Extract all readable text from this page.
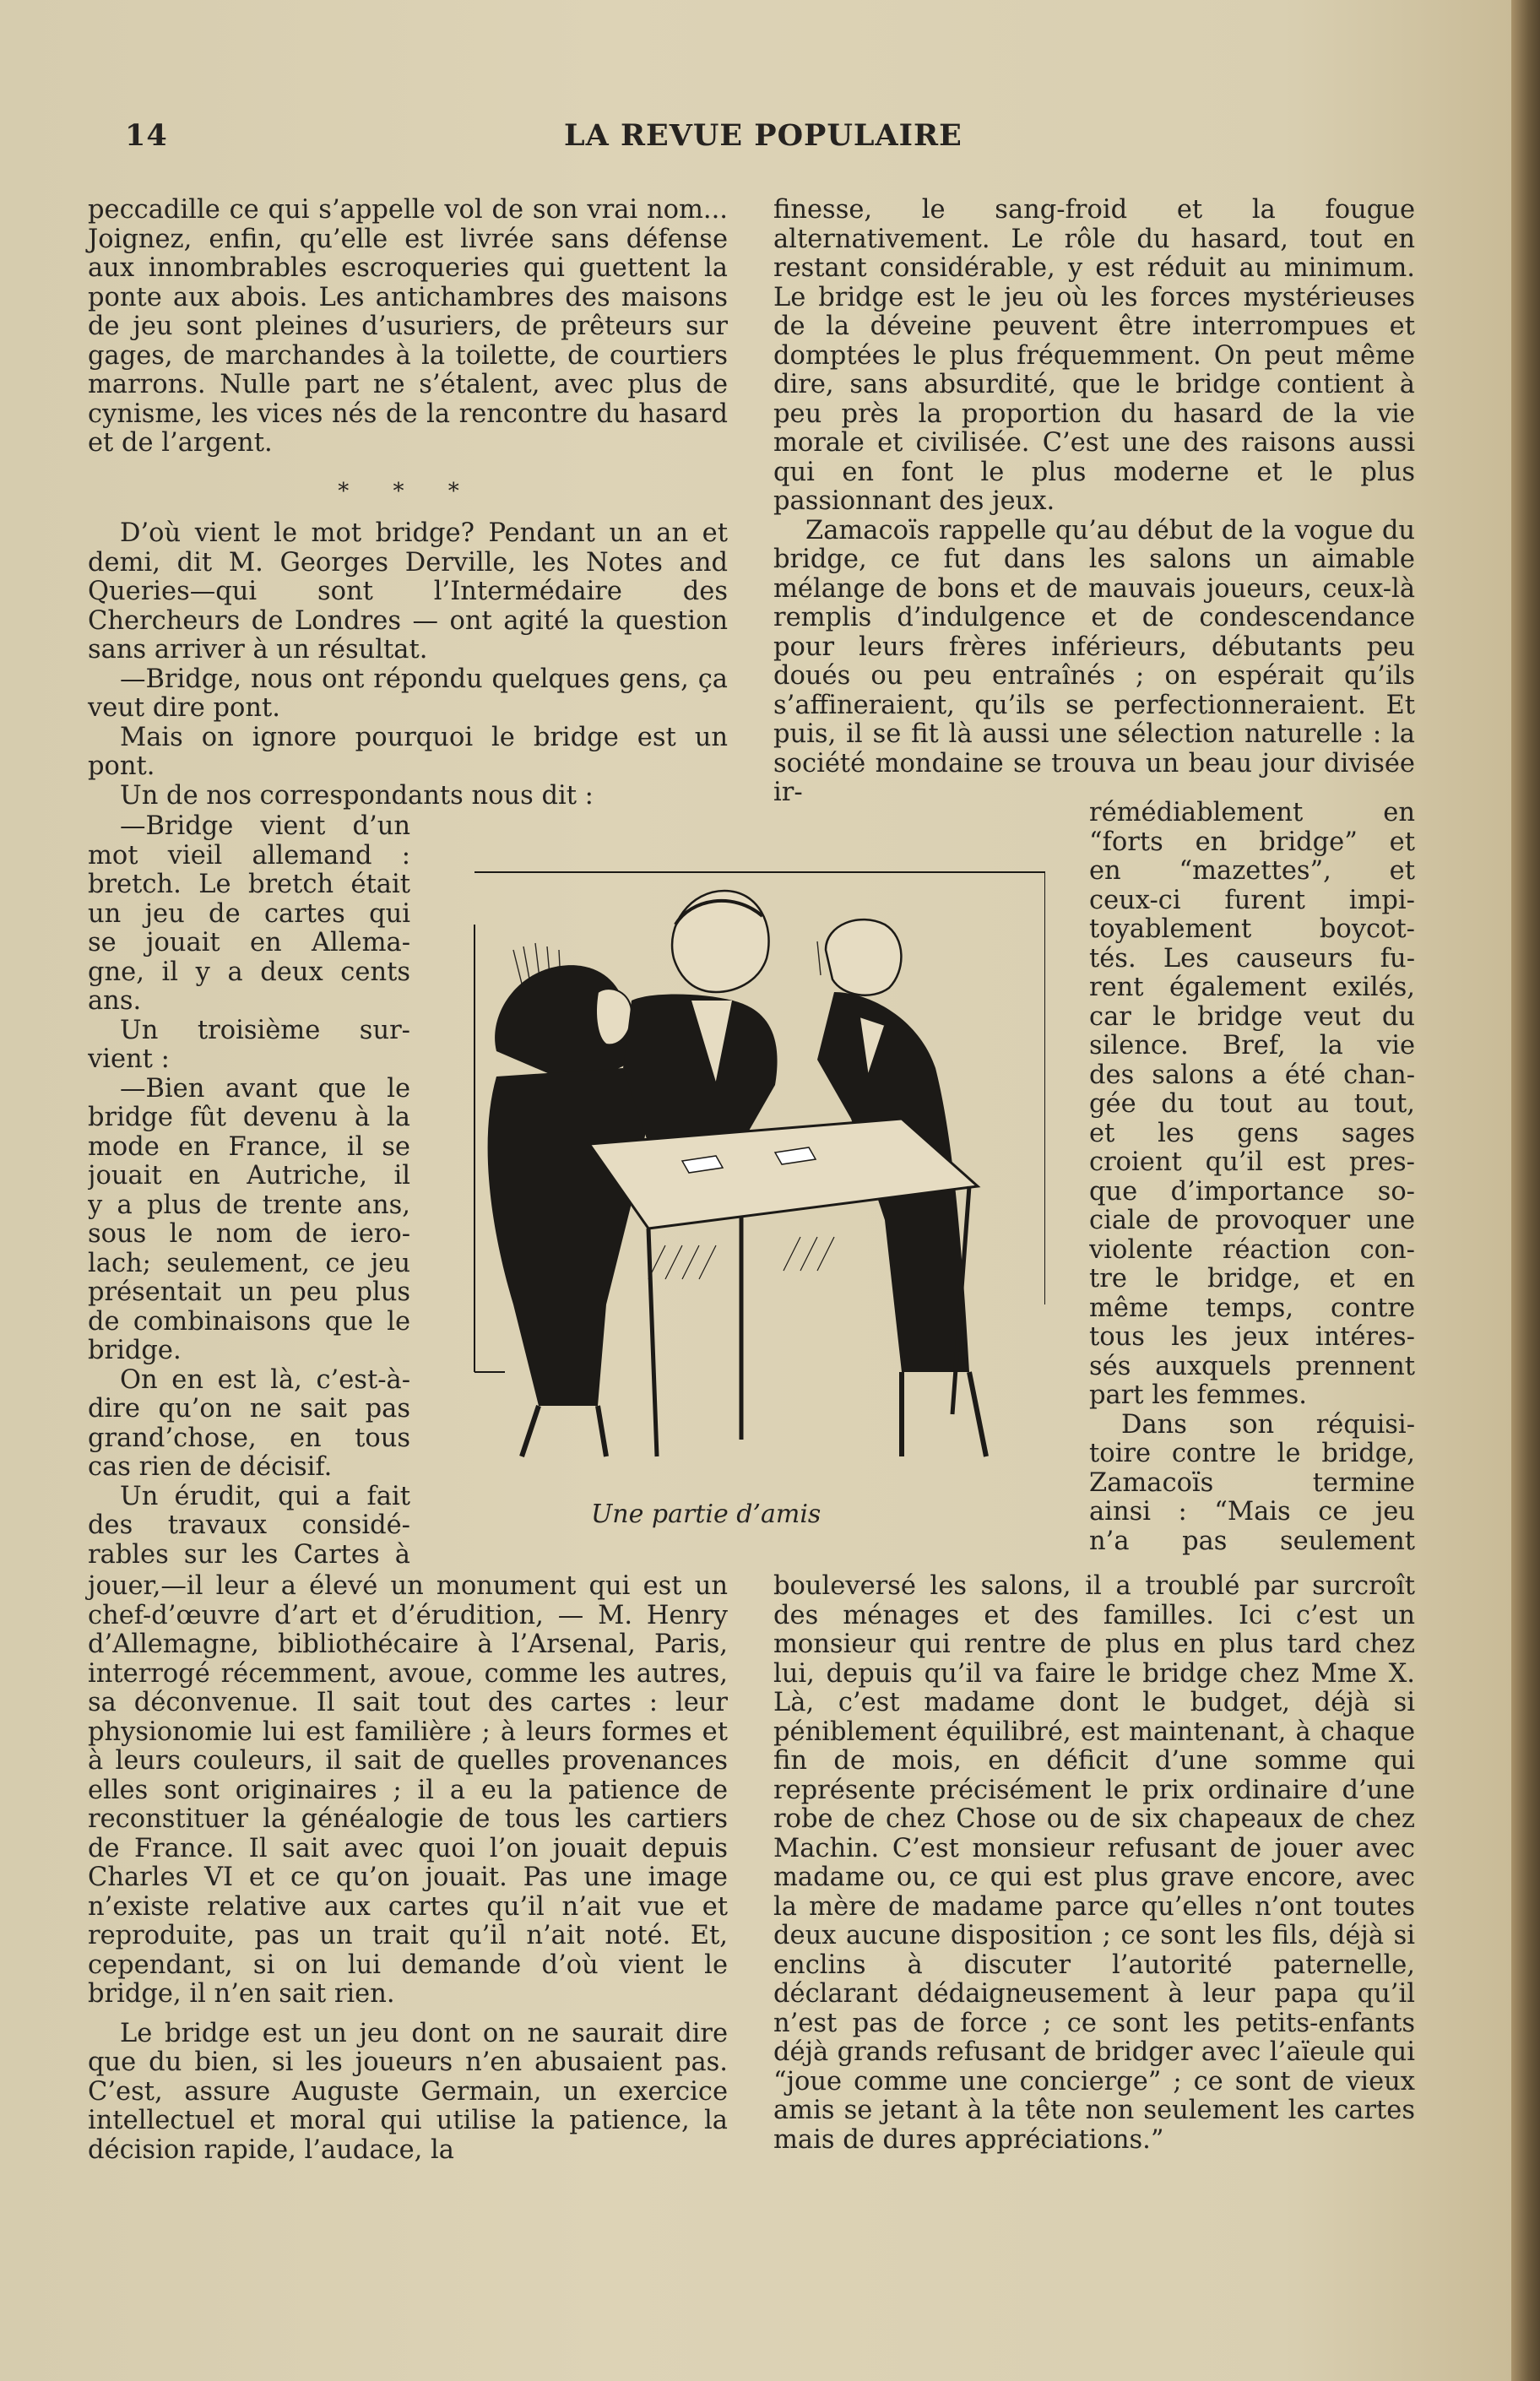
14	LA REVUE POPULAIRE

peccadille ce qui s’appelle vol de son vrai nom... Joignez, enfin, qu’elle est livrée sans défense aux innombrables escroqueries qui guettent la ponte aux abois. Les antichambres des maisons de jeu sont pleines d’usuriers, de prêteurs sur gages, de marchandes à la toilette, de courtiers marrons. Nulle part ne s’étalent, avec plus de cynisme, les vices nés de la rencontre du hasard et de l’argent.

* * *

D’où vient le mot bridge? Pendant un an et demi, dit M. Georges Derville, les Notes and Queries—qui sont l’Intermédaire des Chercheurs de Londres — ont agité la question sans arriver à un résultat.

—Bridge, nous ont répondu quelques gens, ça veut dire pont.

Mais on ignore pourquoi le bridge est un pont.

Un de nos correspondants nous dit :

—Bridge vient d’un
mot vieil allemand :
bretch. Le bretch était
un jeu de cartes qui
se jouait en Allema-
gne, il y a deux cents
ans.
Un troisième sur-
vient :
—Bien avant que le
bridge fût devenu à la
mode en France, il se
jouait en Autriche, il
y a plus de trente ans,
sous le nom de iero-
lach; seulement, ce jeu
présentait un peu plus
de combinaisons que le
bridge.
On en est là, c’est-à-
dire qu’on ne sait pas
grand’chose, en tous
cas rien de décisif.
Un érudit, qui a fait
des travaux considé-
rables sur les Cartes à

jouer,—il leur a élevé un monument qui est un chef-d’œuvre d’art et d’érudition, — M. Henry d’Allemagne, bibliothécaire à l’Arsenal, Paris, interrogé récemment, avoue, comme les autres, sa déconvenue. Il sait tout des cartes : leur physionomie lui est familière ; à leurs formes et à leurs couleurs, il sait de quelles provenances elles sont originaires ; il a eu la patience de reconstituer la généalogie de tous les cartiers de France. Il sait avec quoi l’on jouait depuis Charles VI et ce qu’on jouait. Pas une image n’existe relative aux cartes qu’il n’ait vue et reproduite, pas un trait qu’il n’ait noté. Et, cependant, si on lui demande d’où vient le bridge, il n’en sait rien.

Le bridge est un jeu dont on ne saurait dire que du bien, si les joueurs n’en abusaient pas. C’est, assure Auguste Germain, un exercice intellectuel et moral qui utilise la patience, la décision rapide, l’audace, la

finesse, le sang-froid et la fougue alternativement. Le rôle du hasard, tout en restant considérable, y est réduit au minimum. Le bridge est le jeu où les forces mystérieuses de la déveine peuvent être interrompues et domptées le plus fréquemment. On peut même dire, sans absurdité, que le bridge contient à peu près la proportion du hasard de la vie morale et civilisée. C’est une des raisons aussi qui en font le plus moderne et le plus passionnant des jeux.

Zamacoïs rappelle qu’au début de la vogue du bridge, ce fut dans les salons un aimable mélange de bons et de mauvais joueurs, ceux-là remplis d’indulgence et de condescendance pour leurs frères inférieurs, débutants peu doués ou peu entraînés ; on espérait qu’ils s’affineraient, qu’ils se perfectionneraient. Et puis, il se fit là aussi une sélection naturelle : la société mondaine se trouva un beau jour divisée ir-

rémédiablement en
“forts en bridge” et
en “mazettes”, et
ceux-ci furent impi-
toyablement boycot-
tés. Les causeurs fu-
rent également exilés,
car le bridge veut du
silence. Bref, la vie
des salons a été chan-
gée du tout au tout,
et les gens sages
croient qu’il est pres-
que d’importance so-
ciale de provoquer une
violente réaction con-
tre le bridge, et en
même temps, contre
tous les jeux intéres-
sés auxquels prennent
part les femmes.
Dans son réquisi-
toire contre le bridge,
Zamacoïs termine
ainsi : “Mais ce jeu
n’a pas seulement

bouleversé les salons, il a troublé par surcroît des ménages et des familles. Ici c’est un monsieur qui rentre de plus en plus tard chez lui, depuis qu’il va faire le bridge chez Mme X. Là, c’est madame dont le budget, déjà si péniblement équilibré, est maintenant, à chaque fin de mois, en déficit d’une somme qui représente précisément le prix ordinaire d’une robe de chez Chose ou de six chapeaux de chez Machin. C’est monsieur refusant de jouer avec madame ou, ce qui est plus grave encore, avec la mère de madame parce qu’elles n’ont toutes deux aucune disposition ; ce sont les fils, déjà si enclins à discuter l’autorité paternelle, déclarant dédaigneusement à leur papa qu’il n’est pas de force ; ce sont les petits-enfants déjà grands refusant de bridger avec l’aïeule qui “joue comme une concierge” ; ce sont de vieux amis se jetant à la tête non seulement les cartes mais de dures appréciations.”

Une partie d’amis
